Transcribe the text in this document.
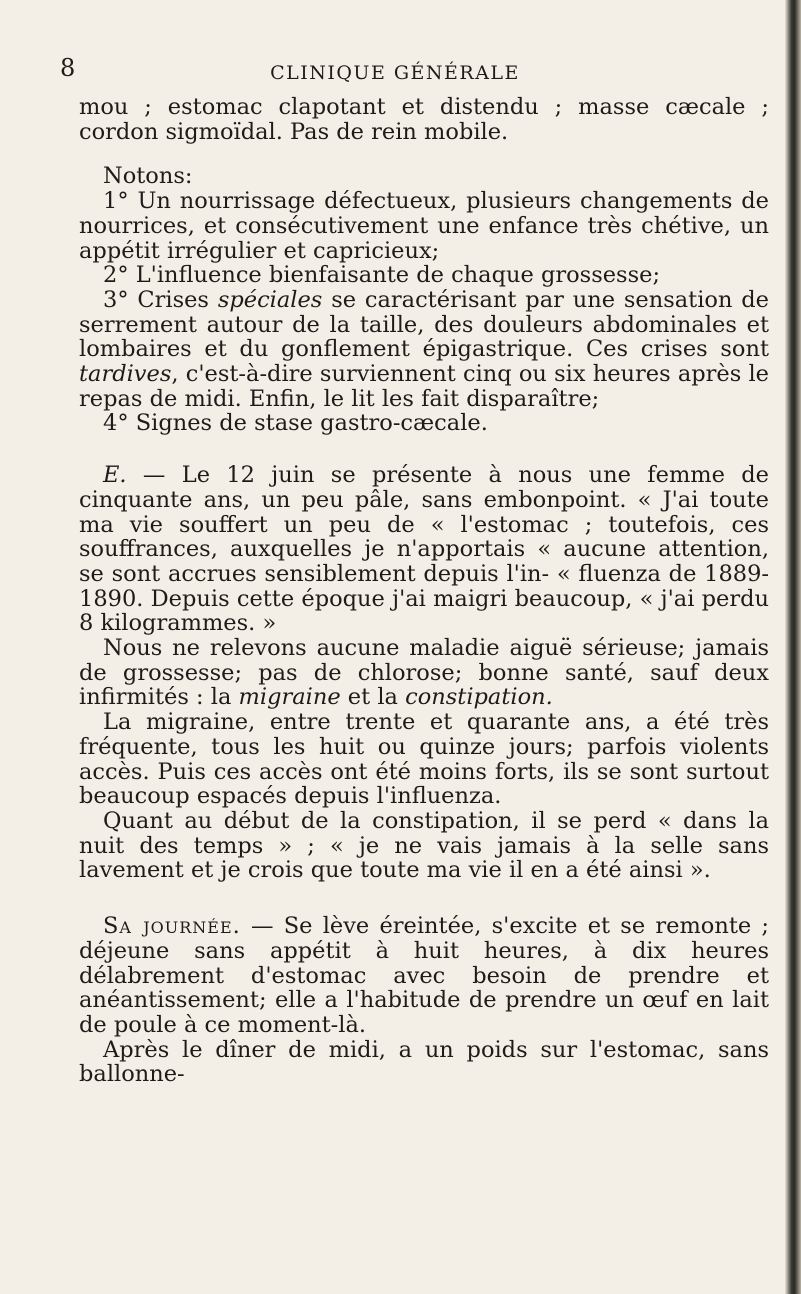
8	CLINIQUE GÉNÉRALE

mou ; estomac clapotant et distendu ; masse cæcale ; cordon sigmoïdal. Pas de rein mobile.

Notons:

1° Un nourrissage défectueux, plusieurs changements de nourrices, et consécutivement une enfance très chétive, un appétit irrégulier et capricieux;

2° L'influence bienfaisante de chaque grossesse;

3° Crises spéciales se caractérisant par une sensation de serrement autour de la taille, des douleurs abdominales et lombaires et du gonflement épigastrique. Ces crises sont tardives, c'est-à-dire surviennent cinq ou six heures après le repas de midi. Enfin, le lit les fait disparaître;

4° Signes de stase gastro-cæcale.

E. — Le 12 juin se présente à nous une femme de cinquante ans, un peu pâle, sans embonpoint. « J'ai toute ma vie souffert un peu de « l'estomac ; toutefois, ces souffrances, auxquelles je n'apportais « aucune attention, se sont accrues sensiblement depuis l'in- « fluenza de 1889-1890. Depuis cette époque j'ai maigri beaucoup, « j'ai perdu 8 kilogrammes. »

Nous ne relevons aucune maladie aiguë sérieuse; jamais de grossesse; pas de chlorose; bonne santé, sauf deux infirmités : la migraine et la constipation.

La migraine, entre trente et quarante ans, a été très fréquente, tous les huit ou quinze jours; parfois violents accès. Puis ces accès ont été moins forts, ils se sont surtout beaucoup espacés depuis l'influenza.

Quant au début de la constipation, il se perd « dans la nuit des temps » ; « je ne vais jamais à la selle sans lavement et je crois que toute ma vie il en a été ainsi ».

Sa journée. — Se lève éreintée, s'excite et se remonte ; déjeune sans appétit à huit heures, à dix heures délabrement d'estomac avec besoin de prendre et anéantissement; elle a l'habitude de prendre un œuf en lait de poule à ce moment-là.

Après le dîner de midi, a un poids sur l'estomac, sans ballonne-
